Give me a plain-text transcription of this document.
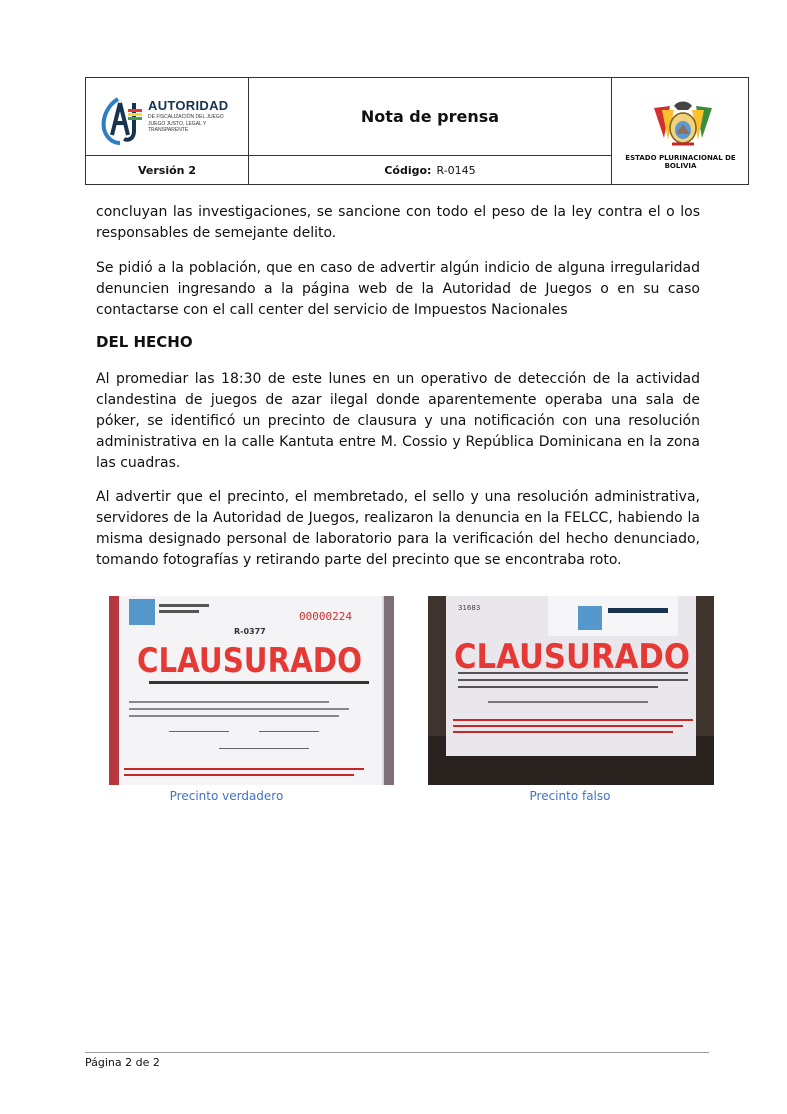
AUTORIDAD
DE FISCALIZACIÓN DEL JUEGO
JUEGO JUSTO, LEGAL Y TRANSPARENTE
Nota de prensa
Versión 2	Código:
R-0145
ESTADO PLURINACIONAL DE BOLIVIA
concluyan las investigaciones, se sancione con todo el peso de la ley contra el o los responsables de semejante delito.
Se pidió a la población, que en caso de advertir algún indicio de alguna irregularidad denuncien ingresando a la página web de la Autoridad de Juegos o en su caso contactarse con el call center del servicio de Impuestos Nacionales
DEL HECHO
Al promediar las 18:30 de este lunes en un operativo de detección de la actividad clandestina de juegos de azar ilegal donde aparentemente operaba una sala de póker, se identificó un precinto de clausura y una notificación con una resolución administrativa en la calle Kantuta entre M. Cossio y República Dominicana en la zona las cuadras.
Al advertir que el precinto, el membretado, el sello y una resolución administrativa, servidores de la Autoridad de Juegos, realizaron la denuncia en la FELCC, habiendo la misma designado personal de laboratorio para la verificación del hecho denunciado, tomando fotografías y retirando parte del precinto que se encontraba roto.
00000224
R-0377
CLAUSURADO
Precinto verdadero
31683
CLAUSURADO
Precinto falso
Página 2 de 2
